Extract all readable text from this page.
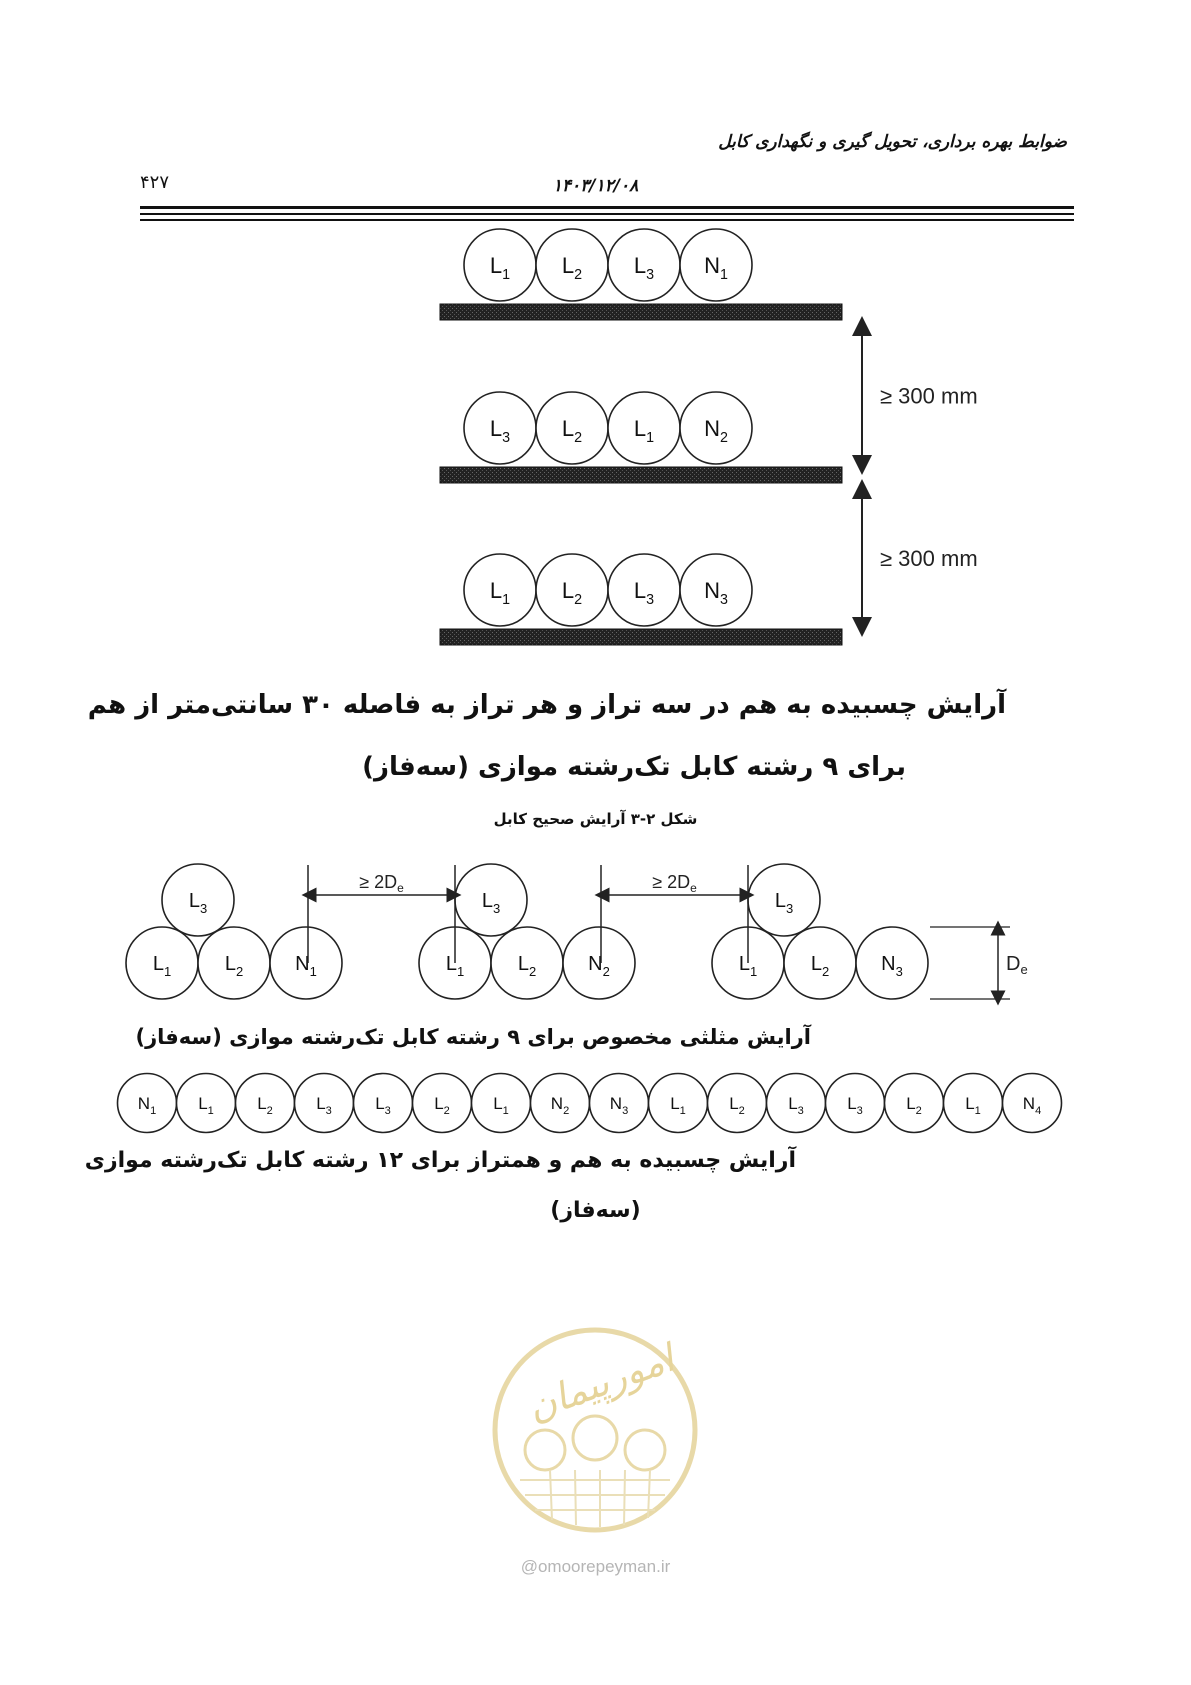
ضوابط بهره برداری، تحویل گیری و نگهداری کابل
۴۲۷	۱۴۰۳/۱۲/۰۸
$L_1$ $L_2$ $L_3$ $N_1$
$L_3$ $L_2$ $L_1$ $N_2$
$L_1$ $L_2$ $L_3$ $N_3$
≥ 300 mm
≥ 300 mm
آرایش چسبیده به هم در سه تراز و هر تراز به فاصله ۳۰ سانتی‌متر از هم
برای ۹ رشته کابل تک‌رشته موازی (سه‌فاز)
شکل ۲-۳ آرایش صحیح کابل
$L_1$	$L_2$	$N_1$
$L_3$
$L_1$	$L_2$	$N_2$
$L_3$
$L_1$	$L_2$	$N_3$
$L_3$
≥ $2D_e$	≥ $2D_e$
$D_e$
آرایش مثلثی مخصوص برای ۹ رشته کابل تک‌رشته موازی (سه‌فاز)
$N_1$ $L_1$	$L_2$	$L_3$	$L_3$	$L_2$	$L_1$ $N_2$ $N_3$ $L_1$	$L_2$	$L_3$	$L_3$	$L_2$	$L_1$ $N_4$
آرایش چسبیده به هم و همتراز برای ۱۲ رشته کابل تک‌رشته موازی
(سه‌فاز)
امورپیمان
@omoorepeyman.ir
